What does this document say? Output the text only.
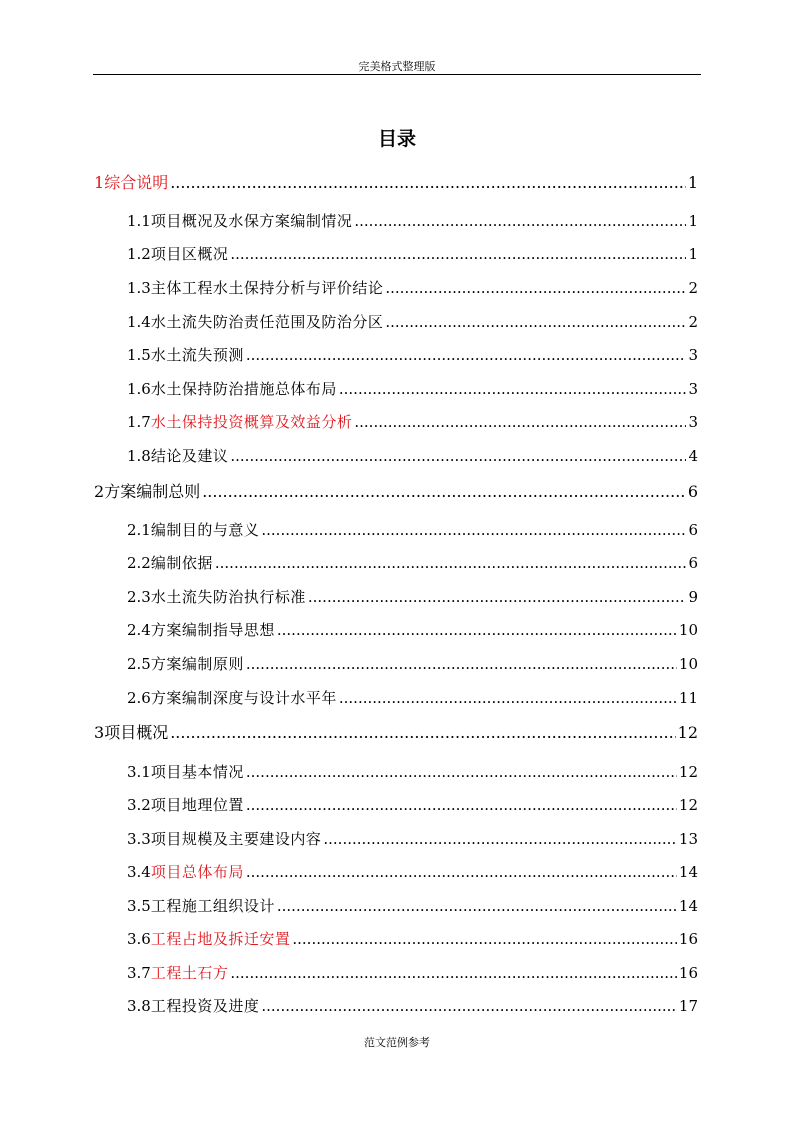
完美格式整理版
目录
1 综合说明 .....	1
1.1 项目概况及水保方案编制情况 .....	1
1.2 项目区概况 .....	1
1.3 主体工程水土保持分析与评价结论 .....	2
1.4 水土流失防治责任范围及防治分区 .....	2
1.5 水土流失预测 .....	3
1.6 水土保持防治措施总体布局 .....	3
1.7 水土保持投资概算及效益分析 .....	3
1.8 结论及建议 .....	4
2 方案编制总则 .....	6
2.1 编制目的与意义 .....	6
2.2 编制依据 .....	6
2.3 水土流失防治执行标准 .....	9
2.4 方案编制指导思想 .....	10
2.5 方案编制原则 .....	10
2.6 方案编制深度与设计水平年 .....	11
3 项目概况 .....	12
3.1 项目基本情况 .....	12
3.2 项目地理位置 .....	12
3.3 项目规模及主要建设内容 .....	13
3.4 项目总体布局 .....	14
3.5 工程施工组织设计 .....	14
3.6 工程占地及拆迁安置 .....	16
3.7 工程土石方 .....	16
3.8 工程投资及进度 .....	17
范文范例参考
